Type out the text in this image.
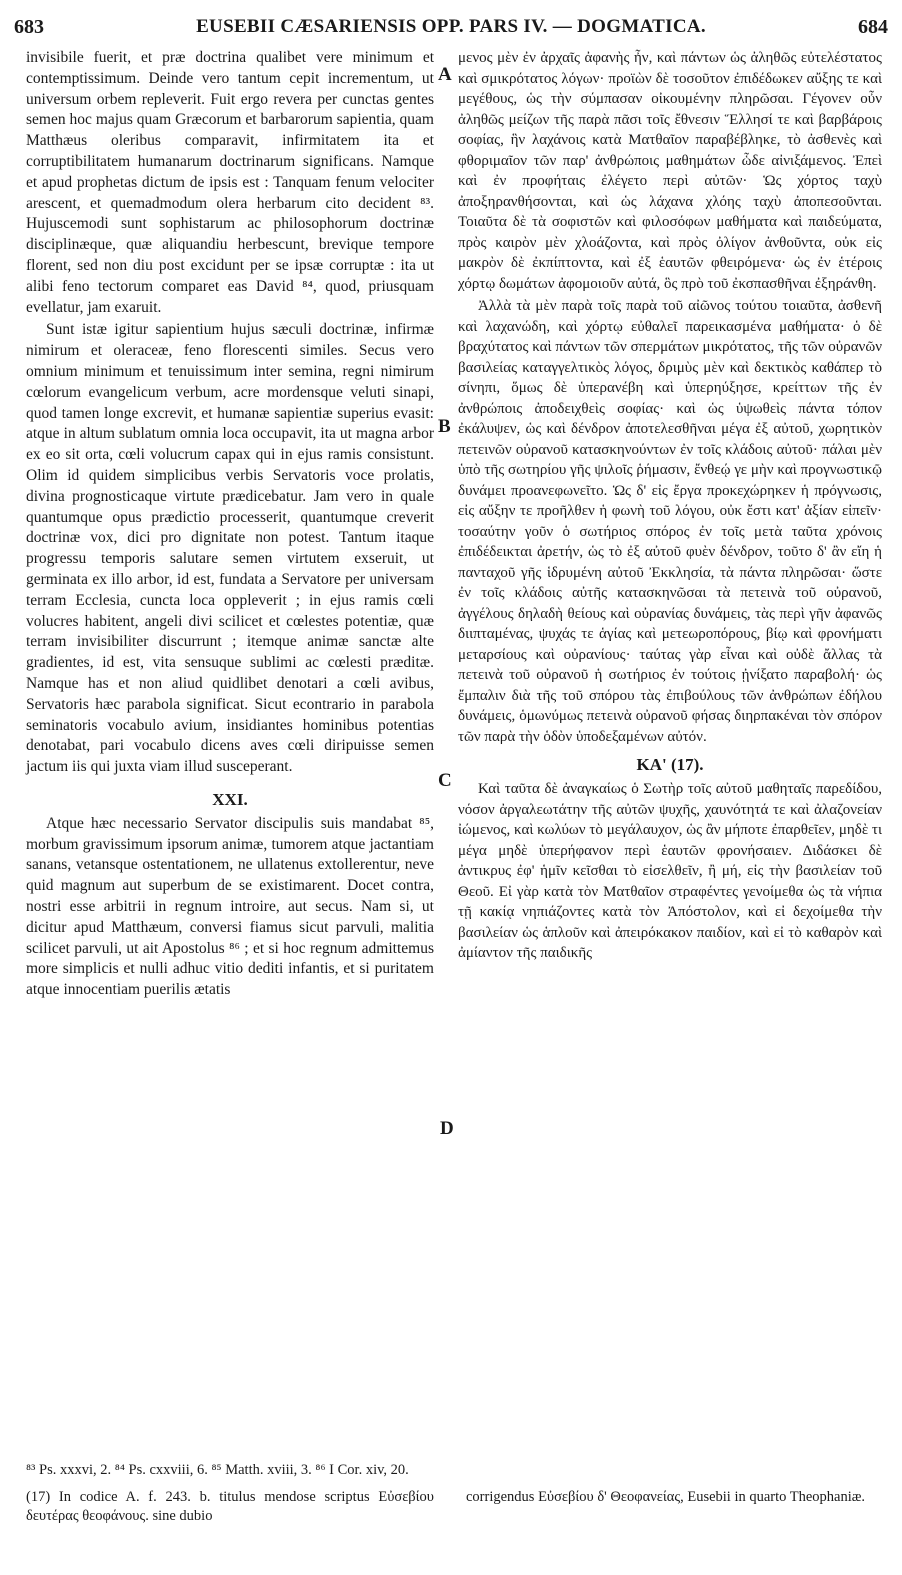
683	EUSEBII CÆSARIENSIS OPP. PARS IV. — DOGMATICA.	684

invisibile fuerit, et præ doctrina qualibet vere minimum et contemptissimum. Deinde vero tantum cepit incrementum, ut universum orbem repleverit. Fuit ergo revera per cunctas gentes semen hoc majus quam Græcorum et barbarorum sapientia, quam Matthæus oleribus comparavit, infirmitatem ita et corruptibilitatem humanarum doctrinarum significans. Namque et apud prophetas dictum de ipsis est : Tanquam fenum velociter arescent, et quemadmodum olera herbarum cito decident ⁸³. Hujuscemodi sunt sophistarum ac philosophorum doctrinæ disciplinæque, quæ aliquandiu herbescunt, brevique tempore florent, sed non diu post excidunt per se ipsæ corruptæ : ita ut alibi feno tectorum comparet eas David ⁸⁴, quod, priusquam evellatur, jam exaruit.

Sunt istæ igitur sapientium hujus sæculi doctrinæ, infirmæ nimirum et oleraceæ, feno florescenti similes. Secus vero omnium minimum et tenuissimum inter semina, regni nimirum cœlorum evangelicum verbum, acre mordensque veluti sinapi, quod tamen longe excrevit, et humanæ sapientiæ superius evasit: atque in altum sublatum omnia loca occupavit, ita ut magna arbor ex eo sit orta, cœli volucrum capax qui in ejus ramis consistunt. Olim id quidem simplicibus verbis Servatoris voce prolatis, divina prognosticaque virtute prædicebatur. Jam vero in quale quantumque opus prædictio processerit, quantumque creverit doctrinæ vox, dici pro dignitate non potest. Tantum itaque progressu temporis salutare semen virtutem exseruit, ut germinata ex illo arbor, id est, fundata a Servatore per universam terram Ecclesia, cuncta loca oppleverit ; in ejus ramis cœli volucres habitent, angeli divi scilicet et cœlestes potentiæ, quæ terram invisibiliter discurrunt ; itemque animæ sanctæ alte gradientes, id est, vita sensuque sublimi ac cœlesti præditæ. Namque has et non aliud quidlibet denotari a cœli avibus, Servatoris hæc parabola significat. Sicut econtrario in parabola seminatoris vocabulo avium, insidiantes hominibus potentias denotabat, pari vocabulo dicens aves cœli diripuisse semen jactum iis qui juxta viam illud susceperant.

XXI.

Atque hæc necessario Servator discipulis suis mandabat ⁸⁵, morbum gravissimum ipsorum animæ, tumorem atque jactantiam sanans, vetansque ostentationem, ne ullatenus extollerentur, neve quid magnum aut superbum de se existimarent. Docet contra, nostri esse arbitrii in regnum introire, aut secus. Nam si, ut dicitur apud Matthæum, conversi fiamus sicut parvuli, malitia scilicet parvuli, ut ait Apostolus ⁸⁶ ; et si hoc regnum admittemus more simplicis et nulli adhuc vitio dediti infantis, et si puritatem atque innocentiam puerilis ætatis

A
B
C
D

μενος μὲν ἐν ἀρχαῖς ἀφανὴς ἦν, καὶ πάντων ὡς ἀληθῶς εὐτελέστατος καὶ σμικρότατος λόγων· προϊὼν δὲ τοσοῦτον ἐπιδέδωκεν αὔξης τε καὶ μεγέθους, ὡς τὴν σύμπασαν οἰκουμένην πληρῶσαι. Γέγονεν οὖν ἀληθῶς μείζων τῆς παρὰ πᾶσι τοῖς ἔθνεσιν Ἕλλησί τε καὶ βαρβάροις σοφίας, ἣν λαχάνοις κατὰ Ματθαῖον παραβέβληκε, τὸ ἀσθενὲς καὶ φθοριμαῖον τῶν παρ' ἀνθρώποις μαθημάτων ὧδε αἰνιξάμενος. Ἐπεὶ καὶ ἐν προφήταις ἐλέγετο περὶ αὐτῶν· Ὡς χόρτος ταχὺ ἀποξηρανθήσονται, καὶ ὡς λάχανα χλόης ταχὺ ἀποπεσοῦνται. Τοιαῦτα δὲ τὰ σοφιστῶν καὶ φιλοσόφων μαθήματα καὶ παιδεύματα, πρὸς καιρὸν μὲν χλοάζοντα, καὶ πρὸς ὀλίγον ἀνθοῦντα, οὐκ εἰς μακρὸν δὲ ἐκπίπτοντα, καὶ ἐξ ἑαυτῶν φθειρόμενα· ὡς ἐν ἑτέροις χόρτῳ δωμάτων ἀφομοιοῦν αὐτά, ὃς πρὸ τοῦ ἐκσπασθῆναι ἐξηράνθη.

Ἀλλὰ τὰ μὲν παρὰ τοῖς παρὰ τοῦ αἰῶνος τούτου τοιαῦτα, ἀσθενῆ καὶ λαχανώδη, καὶ χόρτῳ εὐθαλεῖ παρεικασμένα μαθήματα· ὁ δὲ βραχύτατος καὶ πάντων τῶν σπερμάτων μικρότατος, τῆς τῶν οὐρανῶν βασιλείας καταγγελτικὸς λόγος, δριμὺς μὲν καὶ δεκτικὸς καθάπερ τὸ σίνηπι, ὅμως δὲ ὑπερανέβη καὶ ὑπερηύξησε, κρείττων τῆς ἐν ἀνθρώποις ἀποδειχθεὶς σοφίας· καὶ ὡς ὑψωθεὶς πάντα τόπον ἐκάλυψεν, ὡς καὶ δένδρον ἀποτελεσθῆναι μέγα ἐξ αὐτοῦ, χωρητικὸν πετεινῶν οὐρανοῦ κατασκηνούντων ἐν τοῖς κλάδοις αὐτοῦ· πάλαι μὲν ὑπὸ τῆς σωτηρίου γῆς ψιλοῖς ῥήμασιν, ἔνθεῴ γε μὴν καὶ προγνωστικῷ δυνάμει προανεφωνεῖτο. Ὡς δ' εἰς ἔργα προκεχώρηκεν ἡ πρόγνωσις, εἰς αὔξην τε προῆλθεν ἡ φωνὴ τοῦ λόγου, οὐκ ἔστι κατ' ἀξίαν εἰπεῖν· τοσαύτην γοῦν ὁ σωτήριος σπόρος ἐν τοῖς μετὰ ταῦτα χρόνοις ἐπιδέδεικται ἀρετήν, ὡς τὸ ἐξ αὐτοῦ φυὲν δένδρον, τοῦτο δ' ἂν εἴη ἡ πανταχοῦ γῆς ἱδρυμένη αὐτοῦ Ἐκκλησία, τὰ πάντα πληρῶσαι· ὥστε ἐν τοῖς κλάδοις αὐτῆς κατασκηνῶσαι τὰ πετεινὰ τοῦ οὐρανοῦ, ἀγγέλους δηλαδὴ θείους καὶ οὐρανίας δυνάμεις, τὰς περὶ γῆν ἀφανῶς διιπταμένας, ψυχάς τε ἁγίας καὶ μετεωροπόρους, βίῳ καὶ φρονήματι μεταρσίους καὶ οὐρανίους· ταύτας γὰρ εἶναι καὶ οὐδὲ ἄλλας τὰ πετεινὰ τοῦ οὐρανοῦ ἡ σωτήριος ἐν τούτοις ᾐνίξατο παραβολή· ὡς ἔμπαλιν διὰ τῆς τοῦ σπόρου τὰς ἐπιβούλους τῶν ἀνθρώπων ἐδήλου δυνάμεις, ὁμωνύμως πετεινὰ οὐρανοῦ φήσας διηρπακέναι τὸν σπόρον τῶν παρὰ τὴν ὁδὸν ὑποδεξαμένων αὐτόν.

ΚΑ' (17).

Καὶ ταῦτα δὲ ἀναγκαίως ὁ Σωτὴρ τοῖς αὐτοῦ μαθηταῖς παρεδίδου, νόσον ἀργαλεωτάτην τῆς αὐτῶν ψυχῆς, χαυνότητά τε καὶ ἀλαζονείαν ἰώμενος, καὶ κωλύων τὸ μεγάλαυχον, ὡς ἂν μήποτε ἐπαρθεῖεν, μηδὲ τι μέγα μηδὲ ὑπερήφανον περὶ ἑαυτῶν φρονήσαιεν. Διδάσκει δὲ ἀντικρυς ἐφ' ἡμῖν κεῖσθαι τὸ εἰσελθεῖν, ἢ μή, εἰς τὴν βασιλείαν τοῦ Θεοῦ. Εἰ γὰρ κατὰ τὸν Ματθαῖον στραφέντες γενοίμεθα ὡς τὰ νήπια τῇ κακίᾳ νηπιάζοντες κατὰ τὸν Ἀπόστολον, καὶ εἰ δεχοίμεθα τὴν βασιλείαν ὡς ἁπλοῦν καὶ ἀπειρόκακον παιδίον, καὶ εἰ τὸ καθαρὸν καὶ ἀμίαντον τῆς παιδικῆς

⁸³ Ps. xxxvi, 2. ⁸⁴ Ps. cxxviii, 6. ⁸⁵ Matth. xviii, 3. ⁸⁶ I Cor. xiv, 20.
(17) In codice A. f. 243. b. titulus mendose scriptus Εὐσεβίου δευτέρας θεοφάνους. sine dubio
corrigendus Εὐσεβίου δ' Θεοφανείας, Eusebii in quarto Theophaniæ.
